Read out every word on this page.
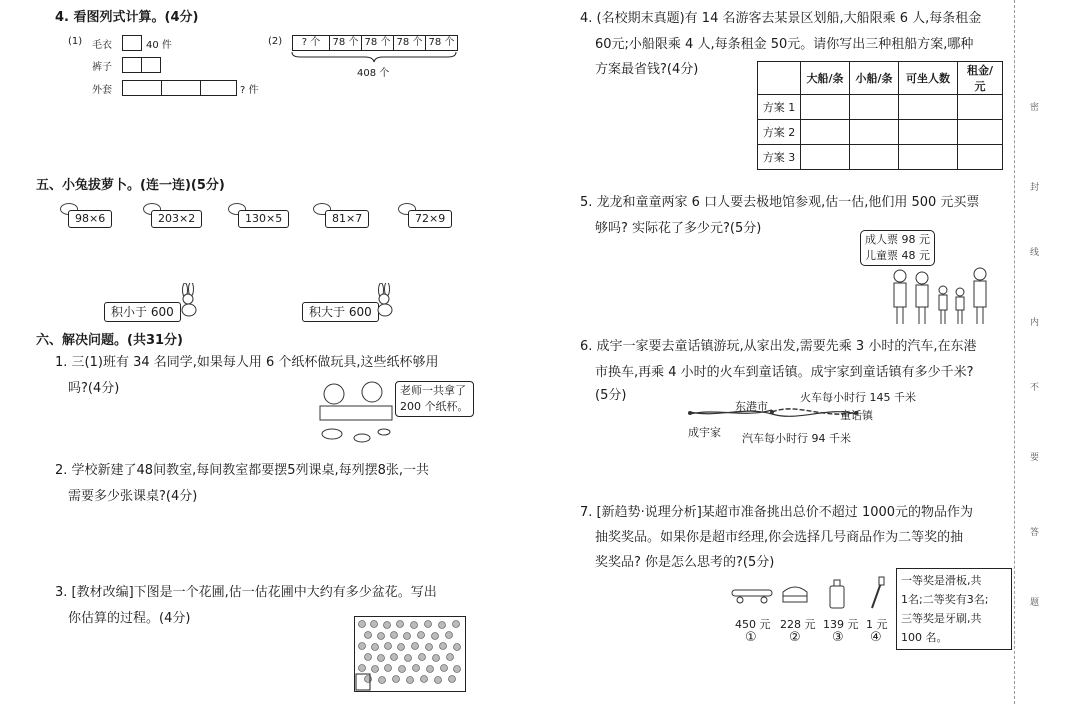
4. 看图列式计算。(4分)
(1) 毛衣	40 件
裤子
外套	? 件
(2)	? 个	78 个 78 个 78 个 78 个
408 个
五、小兔拔萝卜。(连一连)(5分)
98×6	203×2	130×5	81×7	72×9
积小于 600	积大于 600
六、解决问题。(共31分)
1. 三(1)班有 34 名同学,如果每人用 6 个纸杯做玩具,这些纸杯够用
吗?(4分)	老师一共拿了
200 个纸杯。
2. 学校新建了48间教室,每间教室都要摆5列课桌,每列摆8张,一共
需要多少张课桌?(4分)
3. [教材改编]下图是一个花圃,估一估花圃中大约有多少盆花。写出
你估算的过程。(4分)
4. (名校期末真题)有 14 名游客去某景区划船,大船限乘 6 人,每条租金
60元;小船限乘 4 人,每条租金 50元。请你写出三种租船方案,哪种
方案最省钱?(4分)
	大船/条	小船/条	可坐人数	租金/元
方案 1				
方案 2				
方案 3				
5. 龙龙和童童两家 6 口人要去极地馆参观,估一估,他们用 500 元买票
够吗? 实际花了多少元?(5分)
成人票 98 元
儿童票 48 元
6. 成宇一家要去童话镇游玩,从家出发,需要先乘 3 小时的汽车,在东港
市换车,再乘 4 小时的火车到童话镇。成宇家到童话镇有多少千米?
(5分)
东港市
火车每小时行 145 千米
童话镇
成宇家 汽车每小时行 94 千米
7. [新趋势·说理分析]某超市准备挑出总价不超过 1000元的物品作为
抽奖奖品。如果你是超市经理,你会选择几号商品作为二等奖的抽
奖奖品? 你是怎么思考的?(5分)
450 元 228 元 139 元 1 元
① ② ③ ④
一等奖是滑板,共
1名;二等奖有3名;
三等奖是牙刷,共
100 名。
密
封
线
内
不
要
答
题
